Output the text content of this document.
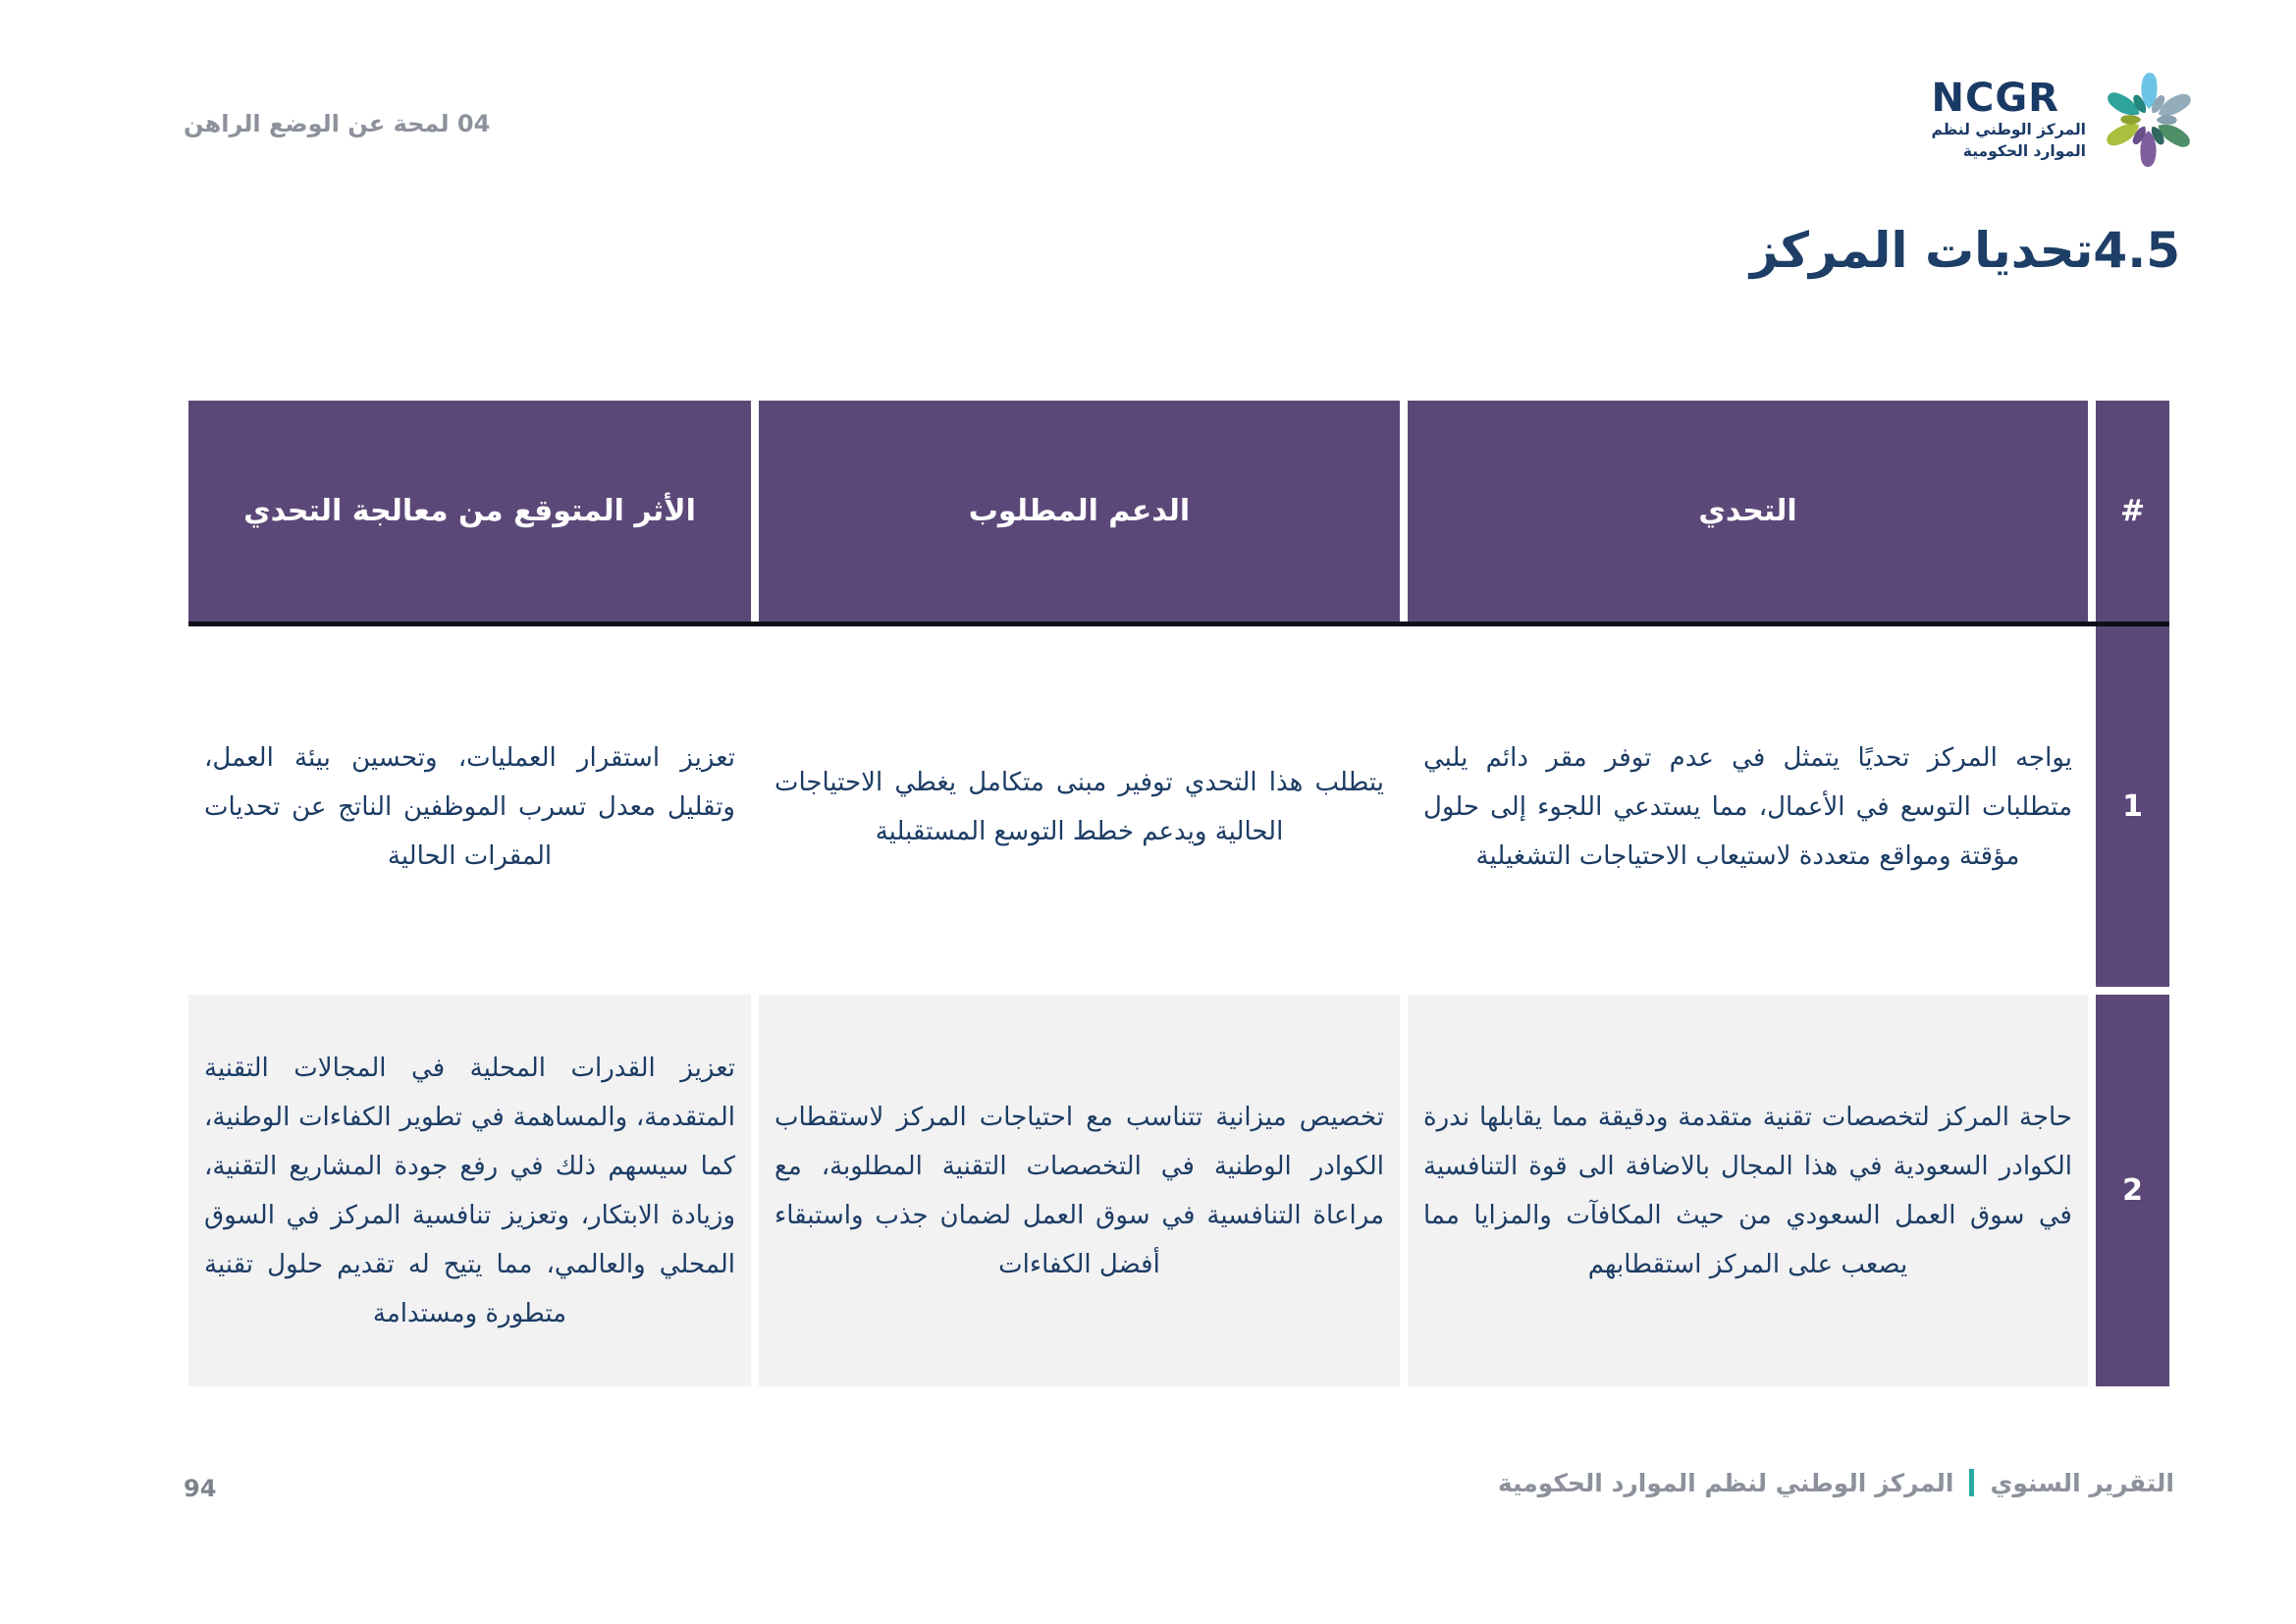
04 لمحة عن الوضع الراهن
NCGR
المركز الوطني لنظم
الموارد الحكومية
4.5تحديات المركز
#
التحدي
الدعم المطلوب
الأثر المتوقع من معالجة التحدي
1
يواجه المركز تحديًا يتمثل في عدم توفر مقر دائم يلبي متطلبات التوسع في الأعمال، مما يستدعي اللجوء إلى حلول مؤقتة ومواقع متعددة لاستيعاب الاحتياجات التشغيلية
يتطلب هذا التحدي توفير مبنى متكامل يغطي الاحتياجات الحالية ويدعم خطط التوسع المستقبلية
تعزيز استقرار العمليات، وتحسين بيئة العمل، وتقليل معدل تسرب الموظفين الناتج عن تحديات المقرات الحالية
2
حاجة المركز لتخصصات تقنية متقدمة ودقيقة مما يقابلها ندرة الكوادر السعودية في هذا المجال بالاضافة الى قوة التنافسية في سوق العمل السعودي من حيث المكافآت والمزايا مما يصعب على المركز استقطابهم
تخصيص ميزانية تتناسب مع احتياجات المركز لاستقطاب الكوادر الوطنية في التخصصات التقنية المطلوبة، مع مراعاة التنافسية في سوق العمل لضمان جذب واستبقاء أفضل الكفاءات
تعزيز القدرات المحلية في المجالات التقنية المتقدمة، والمساهمة في تطوير الكفاءات الوطنية، كما سيسهم ذلك في رفع جودة المشاريع التقنية، وزيادة الابتكار، وتعزيز تنافسية المركز في السوق المحلي والعالمي، مما يتيح له تقديم حلول تقنية متطورة ومستدامة
التقرير السنويالمركز الوطني لنظم الموارد الحكومية
94
